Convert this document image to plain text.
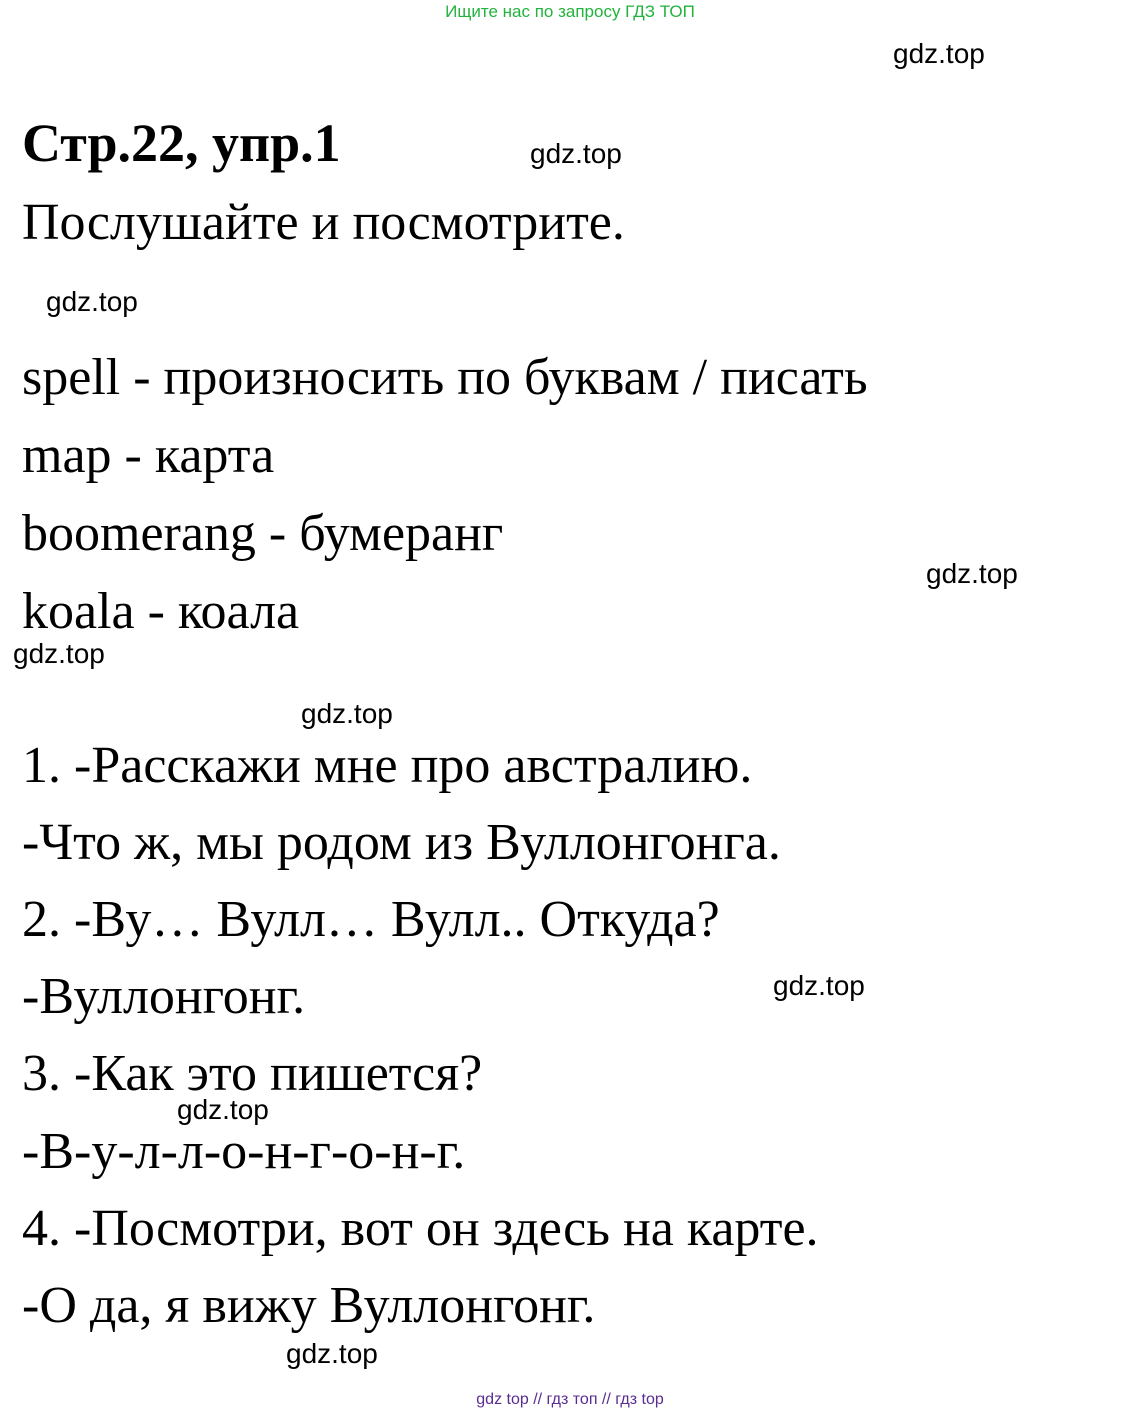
Ищите нас по запросу ГДЗ ТОП
gdz.top
Стр.22, упр.1	gdz.top
Послушайте и посмотрите.
gdz.top
spell - произносить по буквам / писать
map - карта
boomerang - бумеранг
gdz.top
koala - коала
gdz.top
gdz.top
1. -Расскажи мне про австралию.
-Что ж, мы родом из Вуллонгонга.
2. -Ву… Вулл… Вулл.. Откуда?
gdz.top
-Вуллонгонг.
3. -Как это пишется?
gdz.top
-В-у-л-л-о-н-г-о-н-г.
4. -Посмотри, вот он здесь на карте.
-О да, я вижу Вуллонгонг.
gdz.top
gdz top // гдз топ // гдз top
